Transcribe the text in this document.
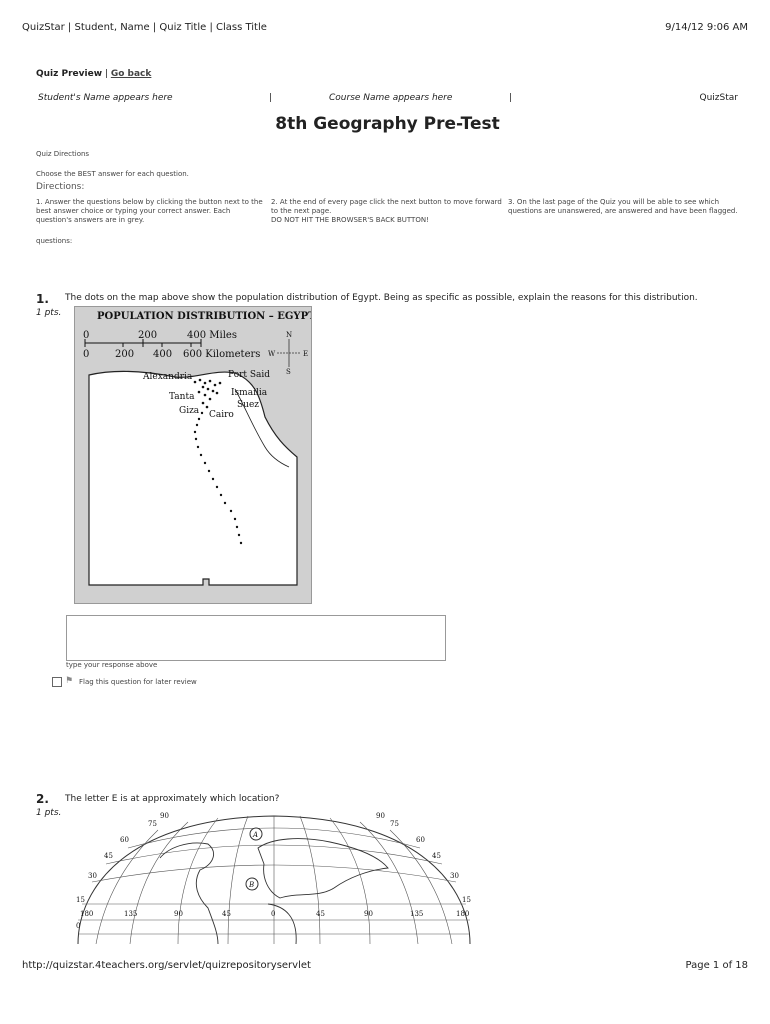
QuizStar | Student, Name | Quiz Title | Class Title	9/14/12 9:06 AM
Quiz Preview | Go back
Student's Name appears here	|	Course Name appears here	|	QuizStar
8th Geography Pre-Test
Quiz Directions
Choose the BEST answer for each question.
Directions:
1. Answer the questions below by clicking the button next to the best answer choice or typing your correct answer. Each question's answers are in grey.
2. At the end of every page click the next button to move forward to the next page.
DO NOT HIT THE BROWSER'S BACK BUTTON!
3. On the last page of the Quiz you will be able to see which questions are unanswered, are answered and have been flagged.
questions:
1.
1 pts.
The dots on the map above show the population distribution of Egypt. Being as specific as possible, explain the reasons for this distribution.
POPULATION DISTRIBUTION – EGYPT
0	200	400 Miles
0	200 400 600 Kilometers
N
S
W	E
Alexandria	Port Said
Ismailia
Tanta
Suez
Giza Cairo
type your response above
⚑ Flag this question for later review
2.
1 pts.
The letter E is at approximately which location?
A
B
90	90
75	75
60	60
45	45
30	30
15	15
0
180	135	90	45	0	45	90	135	180
http://quizstar.4teachers.org/servlet/quizrepositoryservlet	Page 1 of 18
